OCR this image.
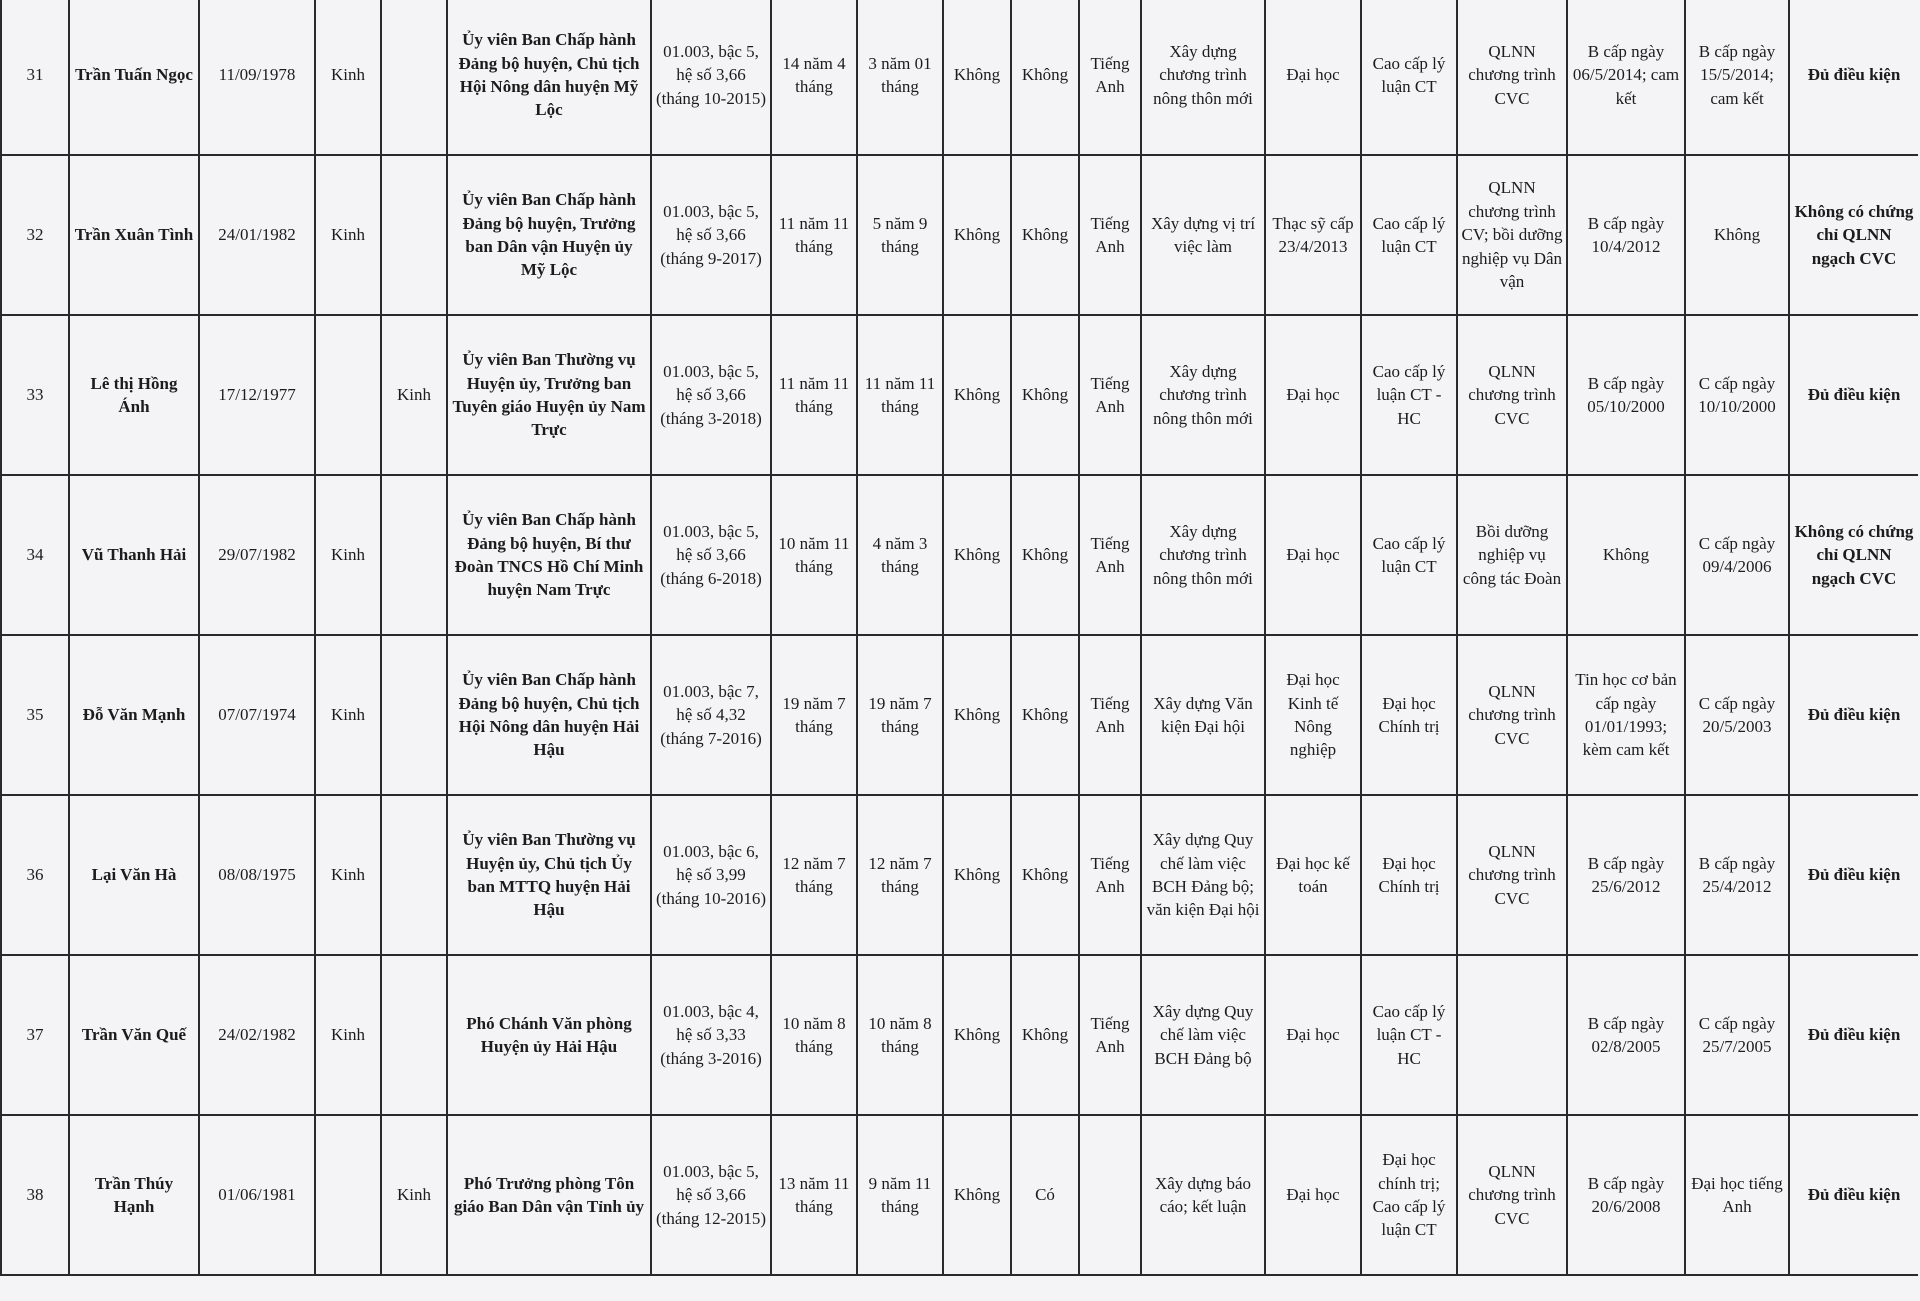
31	Trần Tuấn Ngọc	11/09/1978	Kinh		Ủy viên Ban Chấp hành Đảng bộ huyện, Chủ tịch Hội Nông dân huyện Mỹ Lộc	01.003, bậc 5, hệ số 3,66 (tháng 10-2015)	14 năm 4 tháng	3 năm 01 tháng	Không	Không	Tiếng Anh	Xây dựng chương trình nông thôn mới	Đại học	Cao cấp lý luận CT	QLNN chương trình CVC	B cấp ngày 06/5/2014; cam kết	B cấp ngày 15/5/2014; cam kết	Đủ điều kiện
32	Trần Xuân Tình	24/01/1982	Kinh		Ủy viên Ban Chấp hành Đảng bộ huyện, Trưởng ban Dân vận Huyện ủy Mỹ Lộc	01.003, bậc 5, hệ số 3,66 (tháng 9-2017)	11 năm 11 tháng	5 năm 9 tháng	Không	Không	Tiếng Anh	Xây dựng vị trí việc làm	Thạc sỹ cấp 23/4/2013	Cao cấp lý luận CT	QLNN chương trình CV; bồi dưỡng nghiệp vụ Dân vận	B cấp ngày 10/4/2012	Không	Không có chứng chỉ QLNN ngạch CVC
33	Lê thị Hồng Ánh	17/12/1977		Kinh	Ủy viên Ban Thường vụ Huyện ủy, Trưởng ban Tuyên giáo Huyện ủy Nam Trực	01.003, bậc 5, hệ số 3,66 (tháng 3-2018)	11 năm 11 tháng	11 năm 11 tháng	Không	Không	Tiếng Anh	Xây dựng chương trình nông thôn mới	Đại học	Cao cấp lý luận CT - HC	QLNN chương trình CVC	B cấp ngày 05/10/2000	C cấp ngày 10/10/2000	Đủ điều kiện
34	Vũ Thanh Hải	29/07/1982	Kinh		Ủy viên Ban Chấp hành Đảng bộ huyện, Bí thư Đoàn TNCS Hồ Chí Minh huyện Nam Trực	01.003, bậc 5, hệ số 3,66 (tháng 6-2018)	10 năm 11 tháng	4 năm 3 tháng	Không	Không	Tiếng Anh	Xây dựng chương trình nông thôn mới	Đại học	Cao cấp lý luận CT	Bồi dưỡng nghiệp vụ công tác Đoàn	Không	C cấp ngày 09/4/2006	Không có chứng chỉ QLNN ngạch CVC
35	Đỗ Văn Mạnh	07/07/1974	Kinh		Ủy viên Ban Chấp hành Đảng bộ huyện, Chủ tịch Hội Nông dân huyện Hải Hậu	01.003, bậc 7, hệ số 4,32 (tháng 7-2016)	19 năm 7 tháng	19 năm 7 tháng	Không	Không	Tiếng Anh	Xây dựng Văn kiện Đại hội	Đại học Kinh tế Nông nghiệp	Đại học Chính trị	QLNN chương trình CVC	Tin học cơ bản cấp ngày 01/01/1993; kèm cam kết	C cấp ngày 20/5/2003	Đủ điều kiện
36	Lại Văn Hà	08/08/1975	Kinh		Ủy viên Ban Thường vụ Huyện ủy, Chủ tịch Ủy ban MTTQ huyện Hải Hậu	01.003, bậc 6, hệ số 3,99 (tháng 10-2016)	12 năm 7 tháng	12 năm 7 tháng	Không	Không	Tiếng Anh	Xây dựng Quy chế làm việc BCH Đảng bộ; văn kiện Đại hội	Đại học kế toán	Đại học Chính trị	QLNN chương trình CVC	B cấp ngày 25/6/2012	B cấp ngày 25/4/2012	Đủ điều kiện
37	Trần Văn Quế	24/02/1982	Kinh		Phó Chánh Văn phòng Huyện ủy Hải Hậu	01.003, bậc 4, hệ số 3,33 (tháng 3-2016)	10 năm 8 tháng	10 năm 8 tháng	Không	Không	Tiếng Anh	Xây dựng Quy chế làm việc BCH Đảng bộ	Đại học	Cao cấp lý luận CT - HC		B cấp ngày 02/8/2005	C cấp ngày 25/7/2005	Đủ điều kiện
38	Trần Thúy Hạnh	01/06/1981		Kinh	Phó Trưởng phòng Tôn giáo Ban Dân vận Tỉnh ủy	01.003, bậc 5, hệ số 3,66 (tháng 12-2015)	13 năm 11 tháng	9 năm 11 tháng	Không	Có		Xây dựng báo cáo; kết luận	Đại học	Đại học chính trị; Cao cấp lý luận CT	QLNN chương trình CVC	B cấp ngày 20/6/2008	Đại học tiếng Anh	Đủ điều kiện
